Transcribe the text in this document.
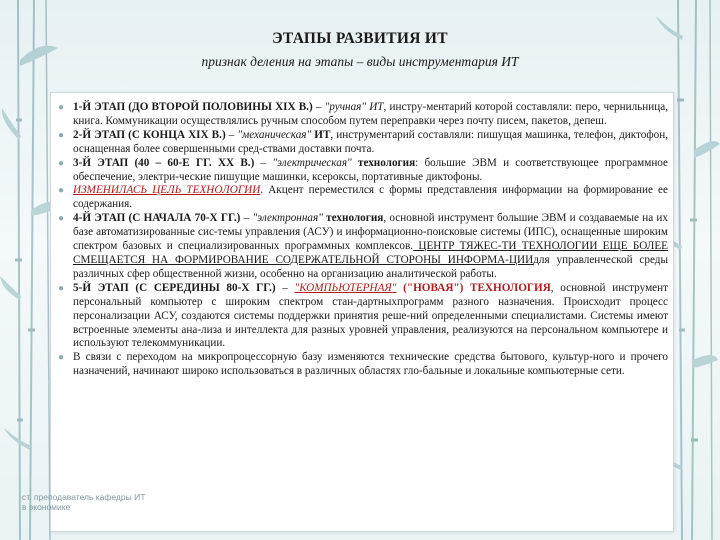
ЭТАПЫ РАЗВИТИЯ ИТ
признак деления на этапы – виды инструментария ИТ
● 1-Й ЭТАП (ДО ВТОРОЙ ПОЛОВИНЫ XIX В.) – "ручная" ИТ, инстру-ментарий которой составляли: перо, чернильница, книга. Коммуникации осуществлялись ручным способом путем переправки через почту писем, пакетов, депеш.
● 2-Й ЭТАП (С КОНЦА XIX В.) – "механическая" ИТ, инструментарий составляли: пишущая машинка, телефон, диктофон, оснащенная более совершенными сред-ствами доставки почта.
● 3-Й ЭТАП (40 – 60-Е ГГ. XX В.) – "электрическая" технология: большие ЭВМ и соответствующее программное обеспечение, электри-ческие пишущие машинки, ксероксы, портативные диктофоны.
● ИЗМЕНИЛАСЬ ЦЕЛЬ ТЕХНОЛОГИИ. Акцент переместился с формы представления информации на формирование ее содержания.
● 4-Й ЭТАП (С НАЧАЛА 70-Х ГГ.) – "электронная" технология, основной инструмент большие ЭВМ и создаваемые на их базе автоматизированные сис-темы управления (АСУ) и информационно-поисковые системы (ИПС), оснащенные широким спектром базовых и специализированных программных комплексов. ЦЕНТР ТЯЖЕС-ТИ ТЕХНОЛОГИИ ЕЩЕ БОЛЕЕ СМЕЩАЕТСЯ НА ФОРМИРОВАНИЕ СОДЕРЖАТЕЛЬНОЙ СТОРОНЫ ИНФОРМА-ЦИИдля управленческой среды различных сфер общественной жизни, особенно на организацию аналитической работы.
● 5-Й ЭТАП (С СЕРЕДИНЫ 80-Х ГГ.) – "КОМПЬЮТЕРНАЯ" ("НОВАЯ") ТЕХНОЛОГИЯ, основной инструмент персональный компьютер с широким спектром стан-дартныхпрограмм разного назначения. Происходит процесс персонализации АСУ, создаются системы поддержки принятия реше-ний определенными специалистами. Системы имеют встроенные элементы ана-лиза и интеллекта для разных уровней управления, реализуются на персональном компьютере и используют телекоммуникации.
● В связи с переходом на микропроцессорную базу изменяются технические средства бытового, культур-ного и прочего назначений, начинают широко использоваться в различных областях гло-бальные и локальные компьютерные сети.
ст. преподаватель кафедры ИТ
в экономике
